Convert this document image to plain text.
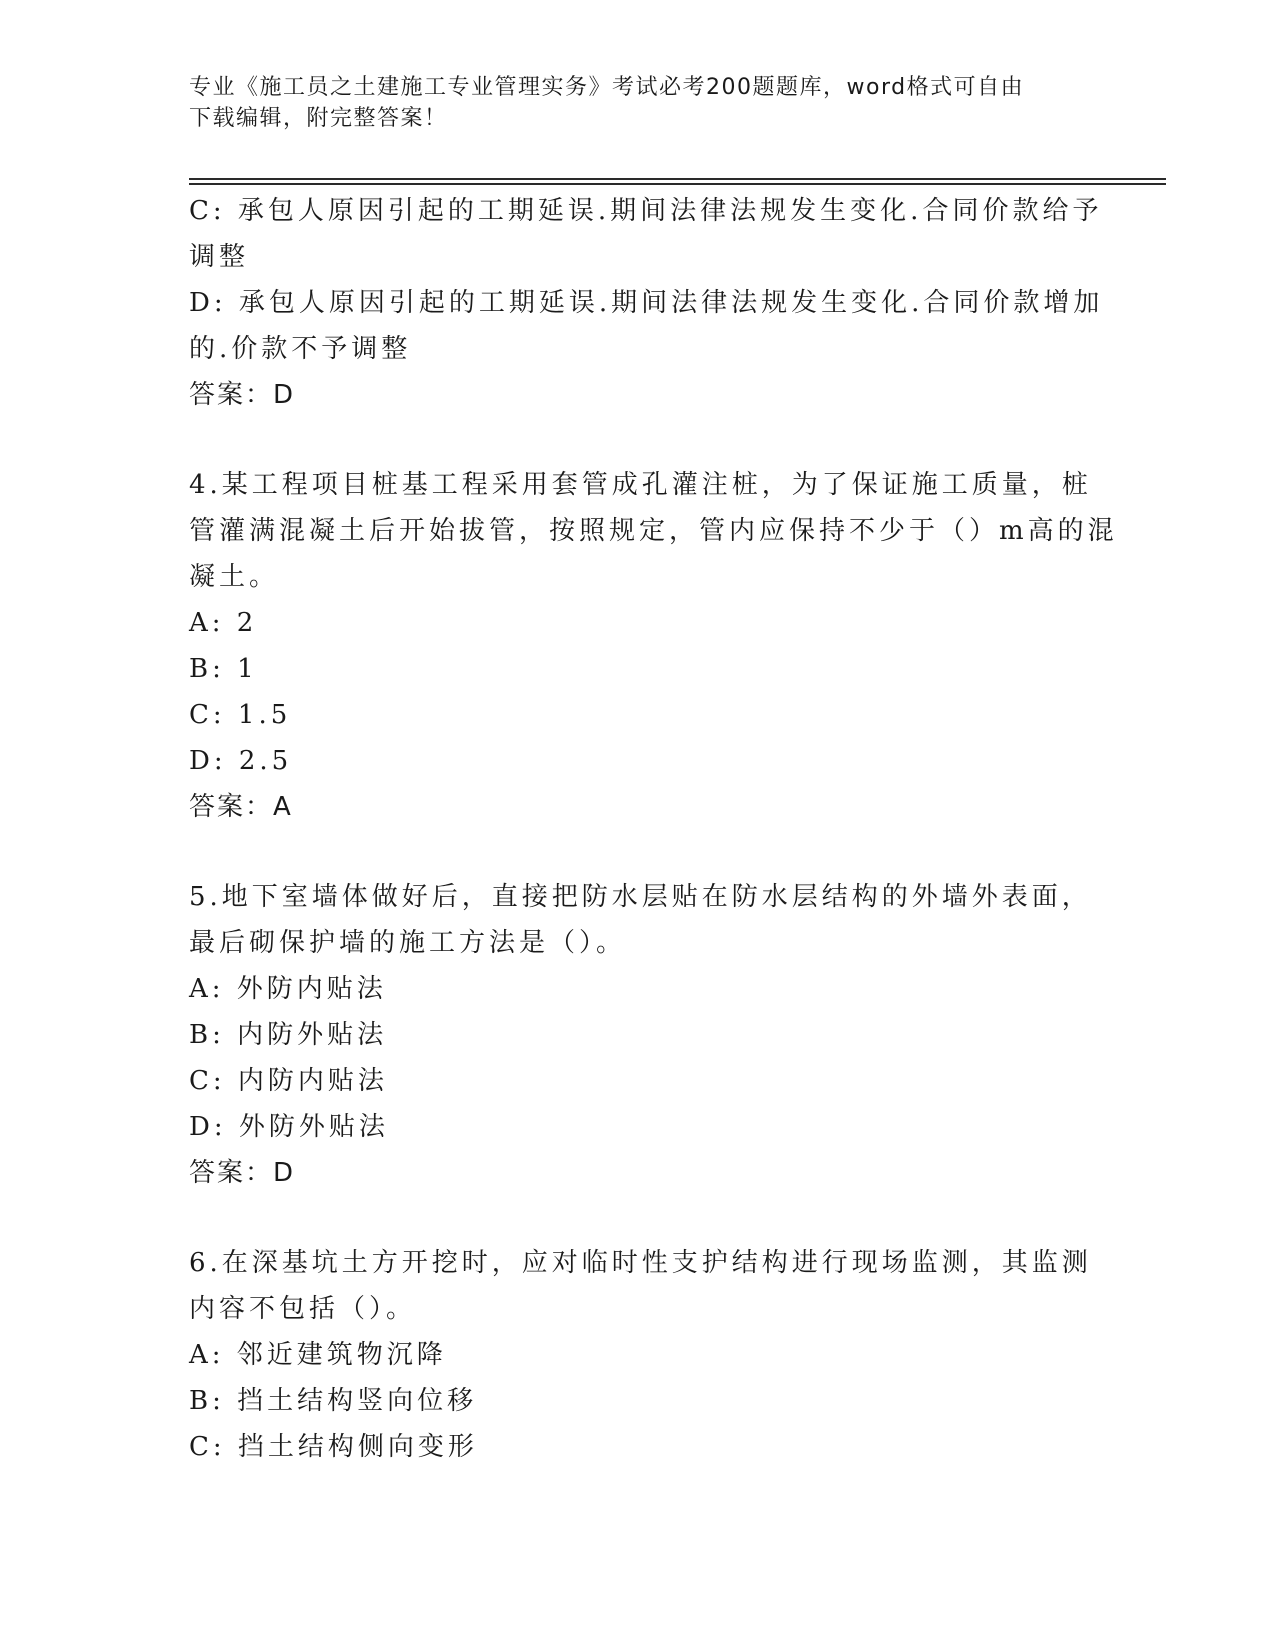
专业《施工员之土建施工专业管理实务》考试必考200题题库，word格式可自由
下载编辑，附完整答案！
C: 承包人原因引起的工期延误.期间法律法规发生变化.合同价款给予
调整
D: 承包人原因引起的工期延误.期间法律法规发生变化.合同价款增加
的.价款不予调整
答案：D
4.某工程项目桩基工程采用套管成孔灌注桩，为了保证施工质量，桩
管灌满混凝土后开始拔管，按照规定，管内应保持不少于（）m高的混
凝土。
A: 2
B: 1
C: 1.5
D: 2.5
答案：A
5.地下室墙体做好后，直接把防水层贴在防水层结构的外墙外表面，
最后砌保护墙的施工方法是（）。
A: 外防内贴法
B: 内防外贴法
C: 内防内贴法
D: 外防外贴法
答案：D
6.在深基坑土方开挖时，应对临时性支护结构进行现场监测，其监测
内容不包括（）。
A: 邻近建筑物沉降
B: 挡土结构竖向位移
C: 挡土结构侧向变形
